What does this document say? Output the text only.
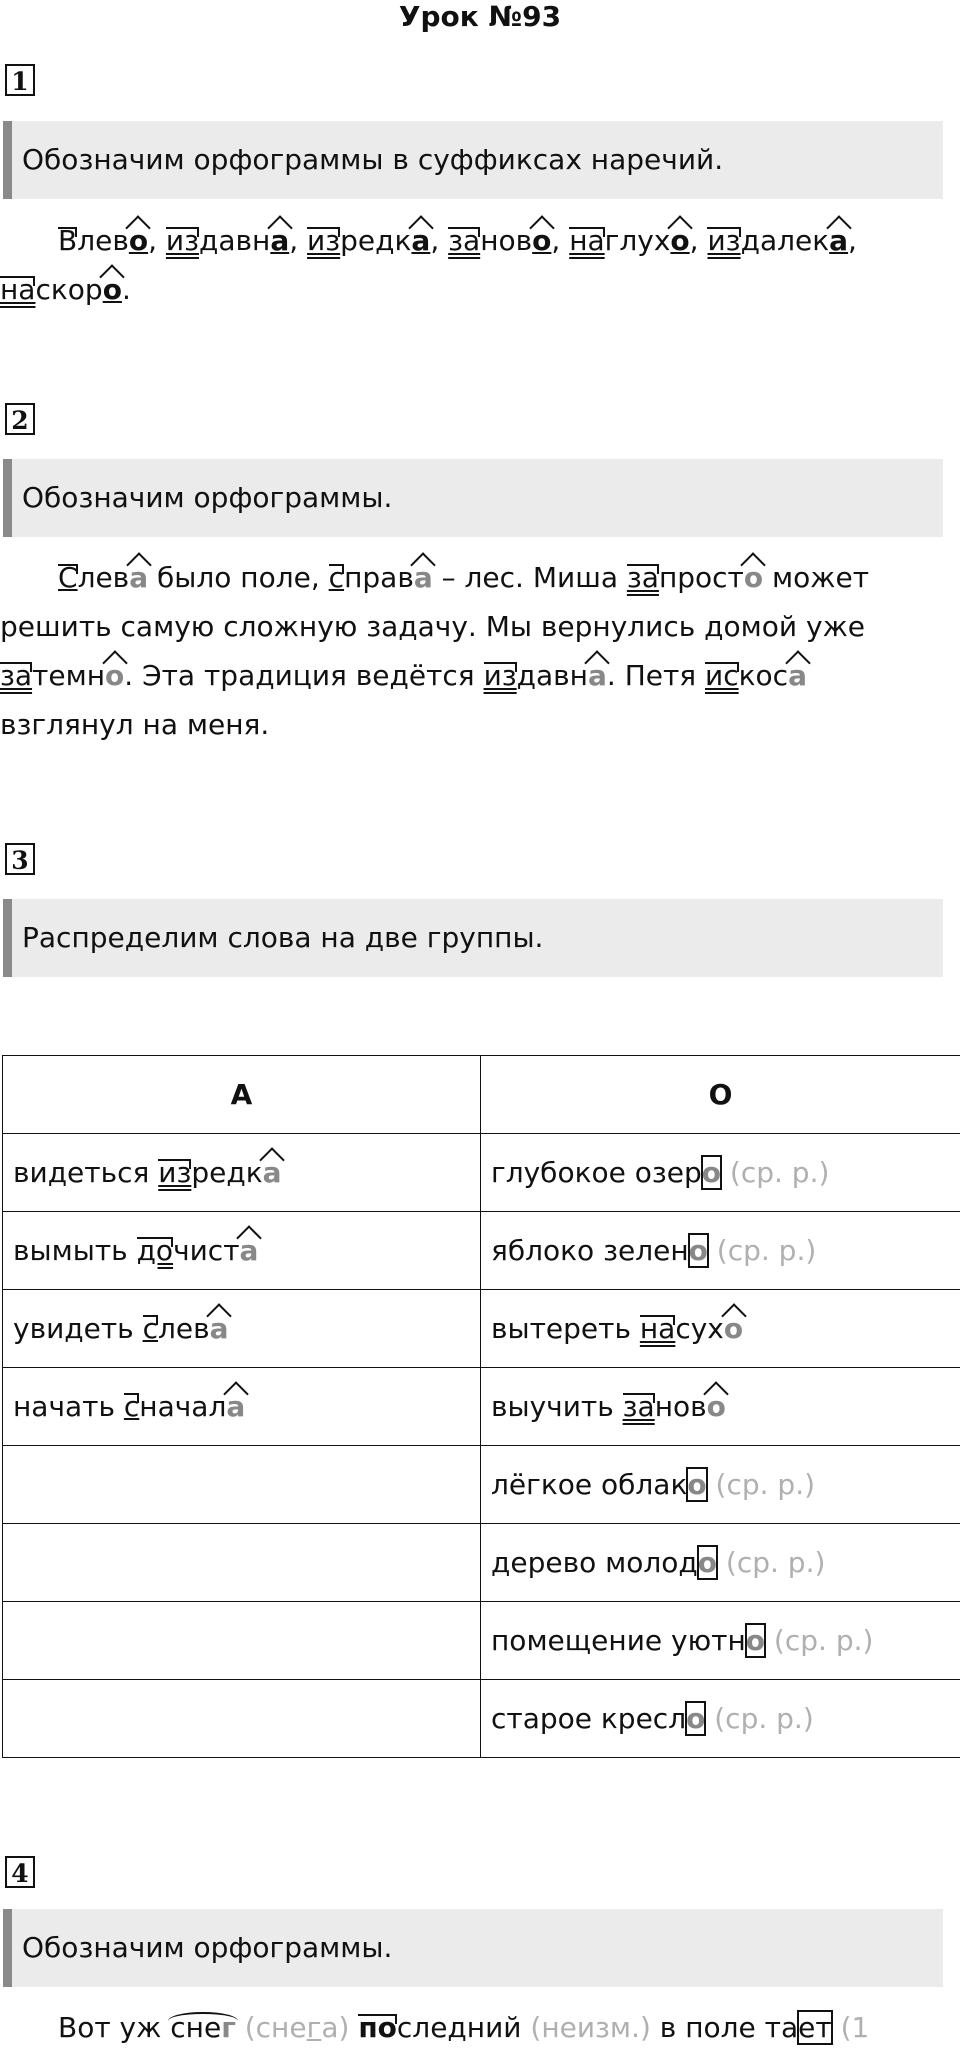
Урок №93
1
Обозначим орфограммы в суффиксах наречий.
Влево, издавна, изредка, заново, наглухо, издалека,
наскоро.
2
Обозначим орфограммы.
Слева было поле, справа – лес. Миша запросто может
решить самую сложную задачу. Мы вернулись домой уже
затемно. Эта традиция ведётся издавна. Петя искоса
взглянул на меня.
3
Распределим слова на две группы.
А	О
видеться изредка	глубокое озеро (ср. р.)
вымыть дочиста	яблоко зелено (ср. р.)
увидеть слева	вытереть насухо
начать сначала	выучить заново
	лёгкое облако (ср. р.)
	дерево молодо (ср. р.)
	помещение уютно (ср. р.)
	старое кресло (ср. р.)
4
Обозначим орфограммы.
Вот уж снег (снега) последний (неизм.) в поле тает (1
